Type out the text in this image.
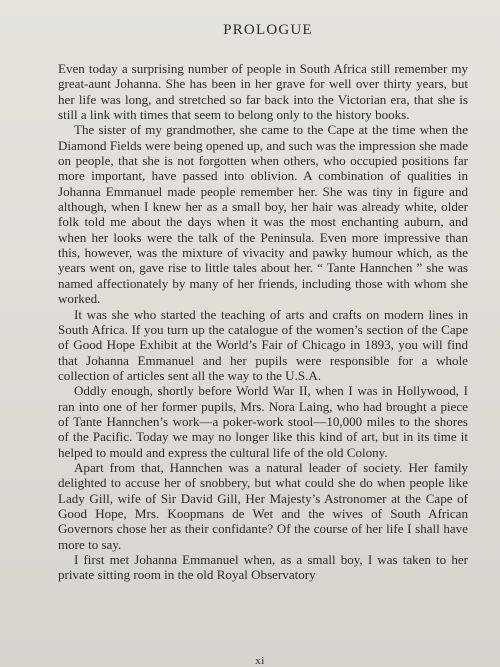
PROLOGUE

Even today a surprising number of people in South Africa still remember my great-aunt Johanna. She has been in her grave for well over thirty years, but her life was long, and stretched so far back into the Victorian era, that she is still a link with times that seem to belong only to the history books.

The sister of my grandmother, she came to the Cape at the time when the Diamond Fields were being opened up, and such was the impression she made on people, that she is not forgotten when others, who occupied positions far more important, have passed into oblivion. A combination of qualities in Johanna Emmanuel made people remember her. She was tiny in figure and although, when I knew her as a small boy, her hair was already white, older folk told me about the days when it was the most enchanting auburn, and when her looks were the talk of the Peninsula. Even more impressive than this, however, was the mixture of vivacity and pawky humour which, as the years went on, gave rise to little tales about her. “ Tante Hannchen ” she was named affectionately by many of her friends, including those with whom she worked.

It was she who started the teaching of arts and crafts on modern lines in South Africa. If you turn up the catalogue of the women’s section of the Cape of Good Hope Exhibit at the World’s Fair of Chicago in 1893, you will find that Johanna Emmanuel and her pupils were responsible for a whole collection of articles sent all the way to the U.S.A.

Oddly enough, shortly before World War II, when I was in Hollywood, I ran into one of her former pupils, Mrs. Nora Laing, who had brought a piece of Tante Hannchen’s work—a poker-work stool—10,000 miles to the shores of the Pacific. Today we may no longer like this kind of art, but in its time it helped to mould and express the cultural life of the old Colony.

Apart from that, Hannchen was a natural leader of society. Her family delighted to accuse her of snobbery, but what could she do when people like Lady Gill, wife of Sir David Gill, Her Majesty’s Astronomer at the Cape of Good Hope, Mrs. Koopmans de Wet and the wives of South African Governors chose her as their confidante? Of the course of her life I shall have more to say.

I first met Johanna Emmanuel when, as a small boy, I was taken to her private sitting room in the old Royal Observatory

xi
